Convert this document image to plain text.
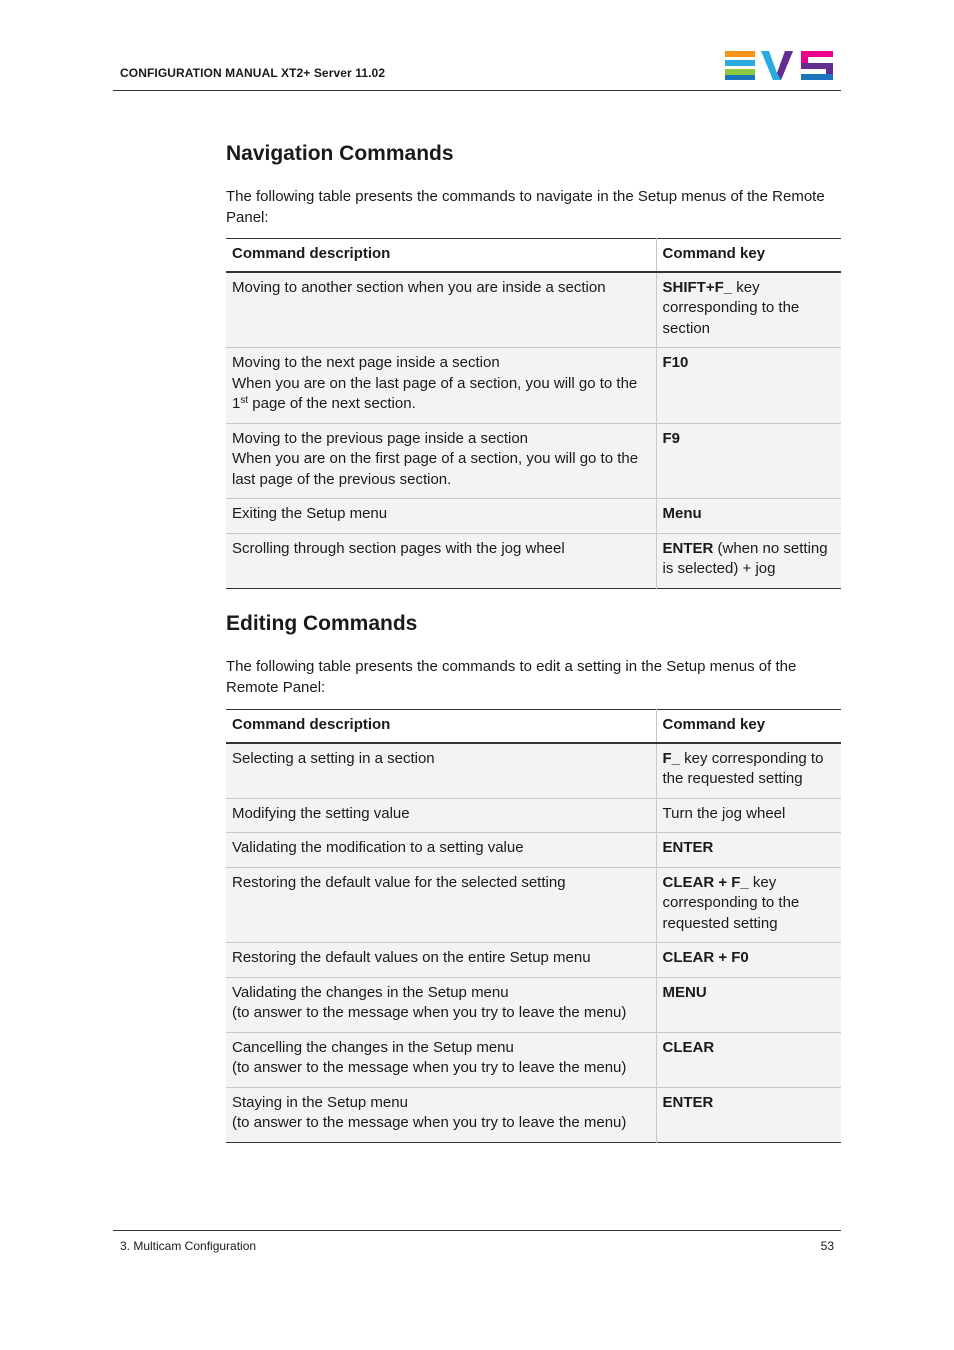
CONFIGURATION MANUAL XT2+ Server 11.02
Navigation Commands

The following table presents the commands to navigate in the Setup menus of the Remote Panel:

Command description	Command key

Moving to another section when you are inside a section	SHIFT+F_ key corresponding to the section

Moving to the next page inside a section
When you are on the last page of a section, you will go to the
1st page of the next section.	F10

Moving to the previous page inside a section
When you are on the first page of a section, you will go to the last page of the previous section.	F9

Exiting the Setup menu	Menu

Scrolling through section pages with the jog wheel	ENTER (when no setting is selected) + jog
Editing Commands

The following table presents the commands to edit a setting in the Setup menus of the Remote Panel:

Command description	Command key

Selecting a setting in a section	F_ key corresponding to the requested setting

Modifying the setting value	Turn the jog wheel

Validating the modification to a setting value	ENTER

Restoring the default value for the selected setting	CLEAR + F_ key corresponding to the requested setting

Restoring the default values on the entire Setup menu	CLEAR + F0

Validating the changes in the Setup menu
(to answer to the message when you try to leave the menu)	MENU

Cancelling the changes in the Setup menu
(to answer to the message when you try to leave the menu)	CLEAR

Staying in the Setup menu
(to answer to the message when you try to leave the menu)	ENTER
3. Multicam Configuration	53
